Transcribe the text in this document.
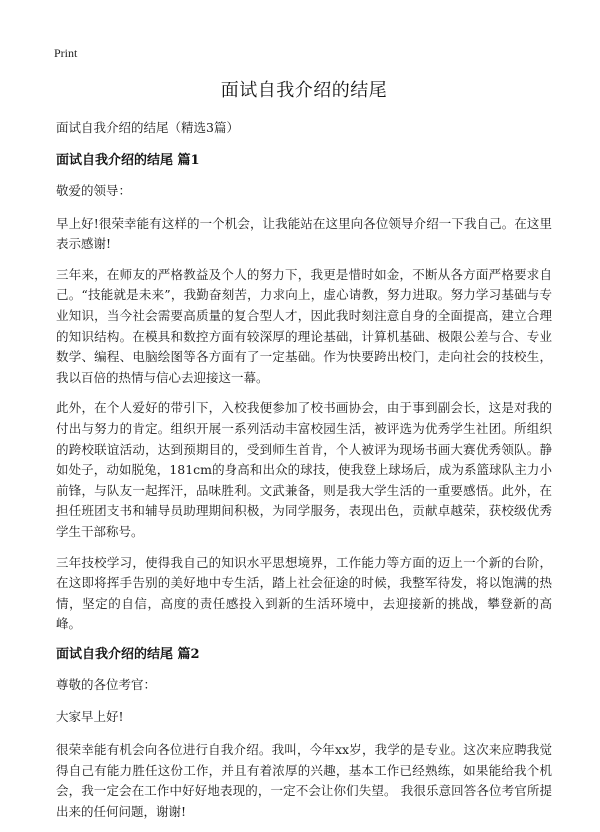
Print
面试自我介绍的结尾
面试自我介绍的结尾（精选3篇）
面试自我介绍的结尾 篇1
敬爱的领导：
早上好!很荣幸能有这样的一个机会，让我能站在这里向各位领导介绍一下我自己。在这里表示感谢!
三年来，在师友的严格教益及个人的努力下，我更是惜时如金，不断从各方面严格要求自己。“技能就是未来”，我勤奋刻苦，力求向上，虚心请教，努力进取。努力学习基础与专业知识，当今社会需要高质量的复合型人才，因此我时刻注意自身的全面提高，建立合理的知识结构。在模具和数控方面有较深厚的理论基础，计算机基础、极限公差与合、专业数学、编程、电脑绘图等各方面有了一定基础。作为快要跨出校门，走向社会的技校生，我以百倍的热情与信心去迎接这一幕。
此外，在个人爱好的带引下，入校我便参加了校书画协会，由于事到副会长，这是对我的付出与努力的肯定。组织开展一系列活动丰富校园生活，被评选为优秀学生社团。所组织的跨校联谊活动，达到预期目的，受到师生首肯，个人被评为现场书画大赛优秀领队。静如处子，动如脱兔，181cm的身高和出众的球技，使我登上球场后，成为系篮球队主力小前锋，与队友一起挥汗，品味胜利。文武兼备，则是我大学生活的一重要感悟。此外，在担任班团支书和辅导员助理期间积极，为同学服务，表现出色，贡献卓越荣，获校级优秀学生干部称号。
三年技校学习，使得我自己的知识水平思想境界，工作能力等方面的迈上一个新的台阶，在这即将挥手告别的美好地中专生活，踏上社会征途的时候，我整军待发，将以饱满的热情，坚定的自信，高度的责任感投入到新的生活环境中，去迎接新的挑战，攀登新的高峰。
面试自我介绍的结尾 篇2
尊敬的各位考官：
大家早上好!
很荣幸能有机会向各位进行自我介绍。我叫，今年xx岁，我学的是专业。这次来应聘我觉得自己有能力胜任这份工作，并且有着浓厚的兴趣，基本工作已经熟练，如果能给我个机会，我一定会在工作中好好地表现的，一定不会让你们失望。 我很乐意回答各位考官所提出来的任何问题，谢谢!
